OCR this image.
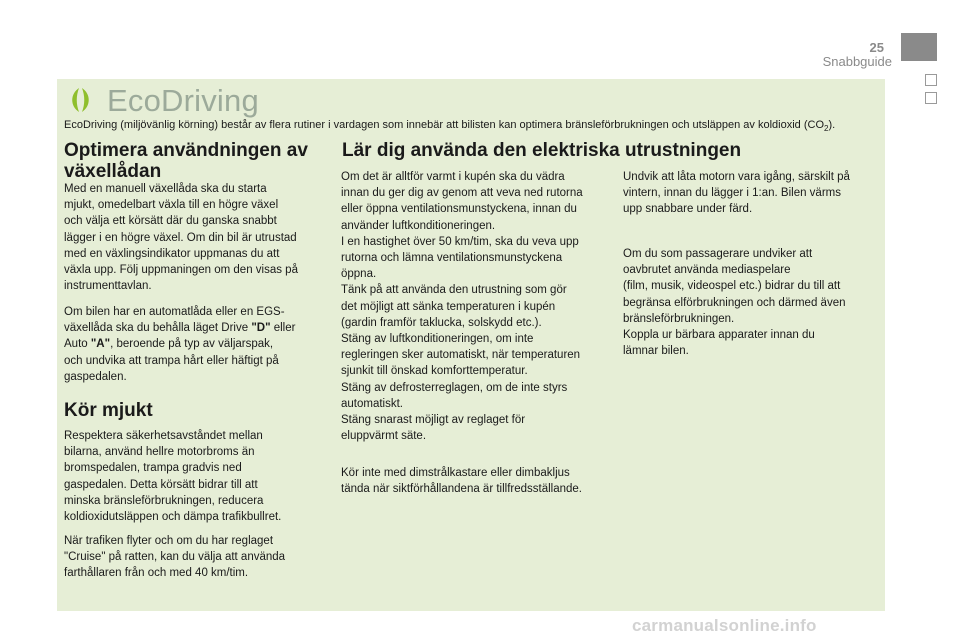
25
Snabbguide
EcoDriving
EcoDriving (miljövänlig körning) består av flera rutiner i vardagen som innebär att bilisten kan optimera bränsleförbrukningen och utsläppen av koldioxid $(CO_2)$.
Optimera användningen av växellådan

Med en manuell växellåda ska du starta
mjukt, omedelbart växla till en högre växel
och välja ett körsätt där du ganska snabbt
lägger i en högre växel. Om din bil är utrustad
med en växlingsindikator uppmanas du att
växla upp. Följ uppmaningen om den visas på
instrumenttavlan.

Om bilen har en automatlåda eller en EGS-
växellåda ska du behålla läget Drive "D" eller
Auto "A", beroende på typ av väljarspak,
och undvika att trampa hårt eller häftigt på
gaspedalen.

Kör mjukt

Respektera säkerhetsavståndet mellan
bilarna, använd hellre motorbroms än
bromspedalen, trampa gradvis ned
gaspedalen. Detta körsätt bidrar till att
minska bränsleförbrukningen, reducera
koldioxidutsläppen och dämpa trafikbullret.

När trafiken flyter och om du har reglaget
"Cruise" på ratten, kan du välja att använda
farthållaren från och med 40 km/tim.

Lär dig använda den elektriska utrustningen

Om det är alltför varmt i kupén ska du vädra
innan du ger dig av genom att veva ned rutorna
eller öppna ventilationsmunstyckena, innan du
använder luftkonditioneringen.
I en hastighet över 50 km/tim, ska du veva upp
rutorna och lämna ventilationsmunstyckena
öppna.
Tänk på att använda den utrustning som gör
det möjligt att sänka temperaturen i kupén
(gardin framför taklucka, solskydd etc.).
Stäng av luftkonditioneringen, om inte
regleringen sker automatiskt, när temperaturen
sjunkit till önskad komforttemperatur.
Stäng av defrosterreglagen, om de inte styrs
automatiskt.
Stäng snarast möjligt av reglaget för
eluppvärmt säte.

Kör inte med dimstrålkastare eller dimbakljus
tända när siktförhållandena är tillfredsställande.

Undvik att låta motorn vara igång, särskilt på
vintern, innan du lägger i 1:an. Bilen värms
upp snabbare under färd.

Om du som passagerare undviker att
oavbrutet använda mediaspelare
(film, musik, videospel etc.) bidrar du till att
begränsa elförbrukningen och därmed även
bränsleförbrukningen.
Koppla ur bärbara apparater innan du
lämnar bilen.

carmanualsonline.info
